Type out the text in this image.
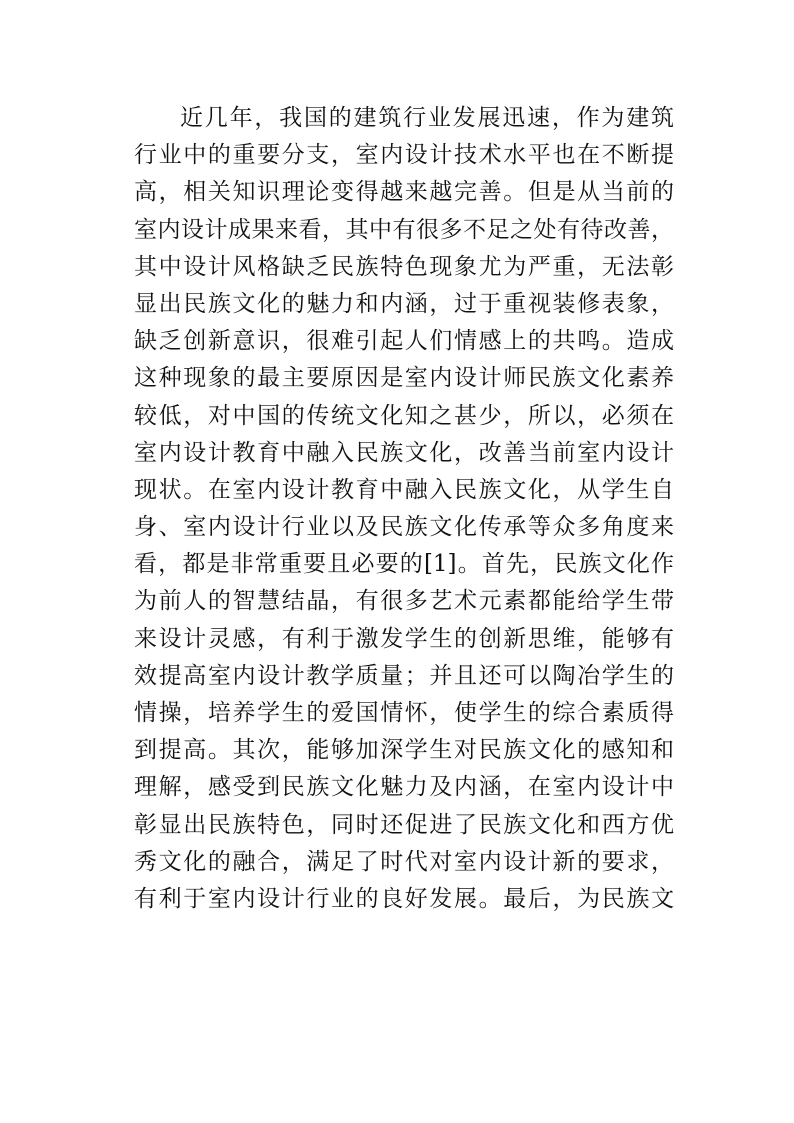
近几年，我国的建筑行业发展迅速，作为建筑
行业中的重要分支，室内设计技术水平也在不断提
高，相关知识理论变得越来越完善。但是从当前的
室内设计成果来看，其中有很多不足之处有待改善，
其中设计风格缺乏民族特色现象尤为严重，无法彰
显出民族文化的魅力和内涵，过于重视装修表象，
缺乏创新意识，很难引起人们情感上的共鸣。造成
这种现象的最主要原因是室内设计师民族文化素养
较低，对中国的传统文化知之甚少，所以，必须在
室内设计教育中融入民族文化，改善当前室内设计
现状。在室内设计教育中融入民族文化，从学生自
身、室内设计行业以及民族文化传承等众多角度来
看，都是非常重要且必要的[1]。首先，民族文化作
为前人的智慧结晶，有很多艺术元素都能给学生带
来设计灵感，有利于激发学生的创新思维，能够有
效提高室内设计教学质量；并且还可以陶冶学生的
情操，培养学生的爱国情怀，使学生的综合素质得
到提高。其次，能够加深学生对民族文化的感知和
理解，感受到民族文化魅力及内涵，在室内设计中
彰显出民族特色，同时还促进了民族文化和西方优
秀文化的融合，满足了时代对室内设计新的要求，
有利于室内设计行业的良好发展。最后，为民族文
